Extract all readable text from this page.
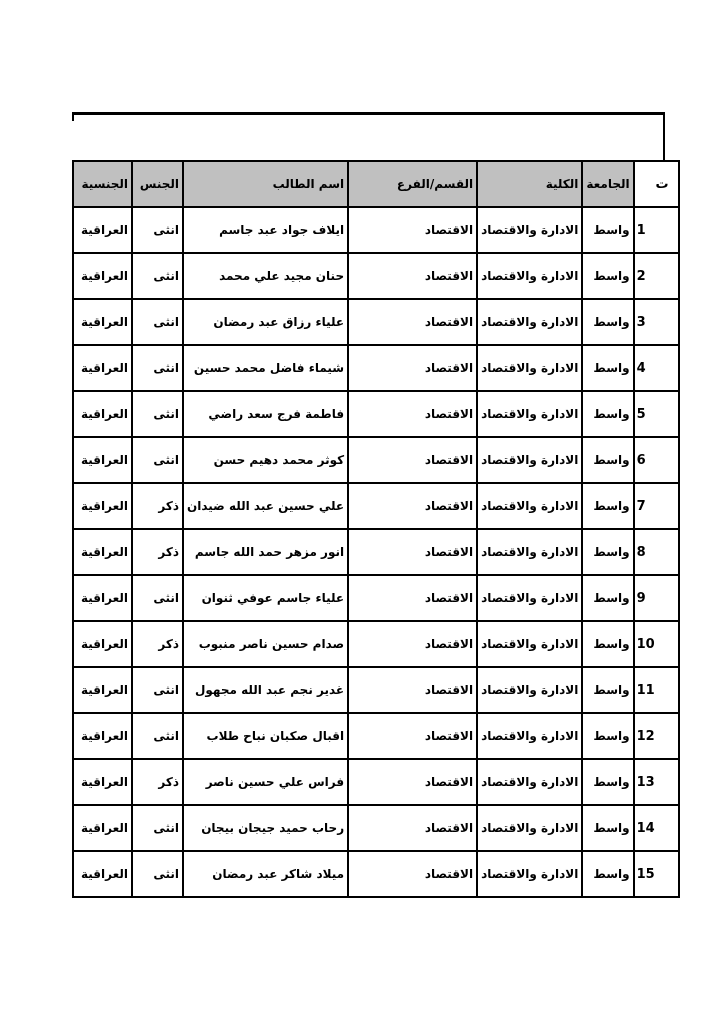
ت	الجامعة	الكلية	القسم/الفرع	اسم الطالب	الجنس	الجنسية
1	واسط	الادارة والاقتصاد	الاقتصاد	ايلاف جواد عبد جاسم	انثى	العراقية
2	واسط	الادارة والاقتصاد	الاقتصاد	حنان مجيد علي محمد	انثى	العراقية
3	واسط	الادارة والاقتصاد	الاقتصاد	علياء رزاق عبد رمضان	انثى	العراقية
4	واسط	الادارة والاقتصاد	الاقتصاد	شيماء فاضل محمد حسين	انثى	العراقية
5	واسط	الادارة والاقتصاد	الاقتصاد	فاطمة فرج سعد راضي	انثى	العراقية
6	واسط	الادارة والاقتصاد	الاقتصاد	كوثر محمد دهيم حسن	انثى	العراقية
7	واسط	الادارة والاقتصاد	الاقتصاد	علي حسين عبد الله ضيدان	ذكر	العراقية
8	واسط	الادارة والاقتصاد	الاقتصاد	انور مزهر حمد الله جاسم	ذكر	العراقية
9	واسط	الادارة والاقتصاد	الاقتصاد	علياء جاسم عوفي ثنوان	انثى	العراقية
10	واسط	الادارة والاقتصاد	الاقتصاد	صدام حسين ناصر منبوب	ذكر	العراقية
11	واسط	الادارة والاقتصاد	الاقتصاد	غدير نجم عبد الله مجهول	انثى	العراقية
12	واسط	الادارة والاقتصاد	الاقتصاد	اقبال صكبان نباح طلاب	انثى	العراقية
13	واسط	الادارة والاقتصاد	الاقتصاد	فراس علي حسين ناصر	ذكر	العراقية
14	واسط	الادارة والاقتصاد	الاقتصاد	رحاب حميد جيجان بيجان	انثى	العراقية
15	واسط	الادارة والاقتصاد	الاقتصاد	ميلاد شاكر عبد رمضان	انثى	العراقية
